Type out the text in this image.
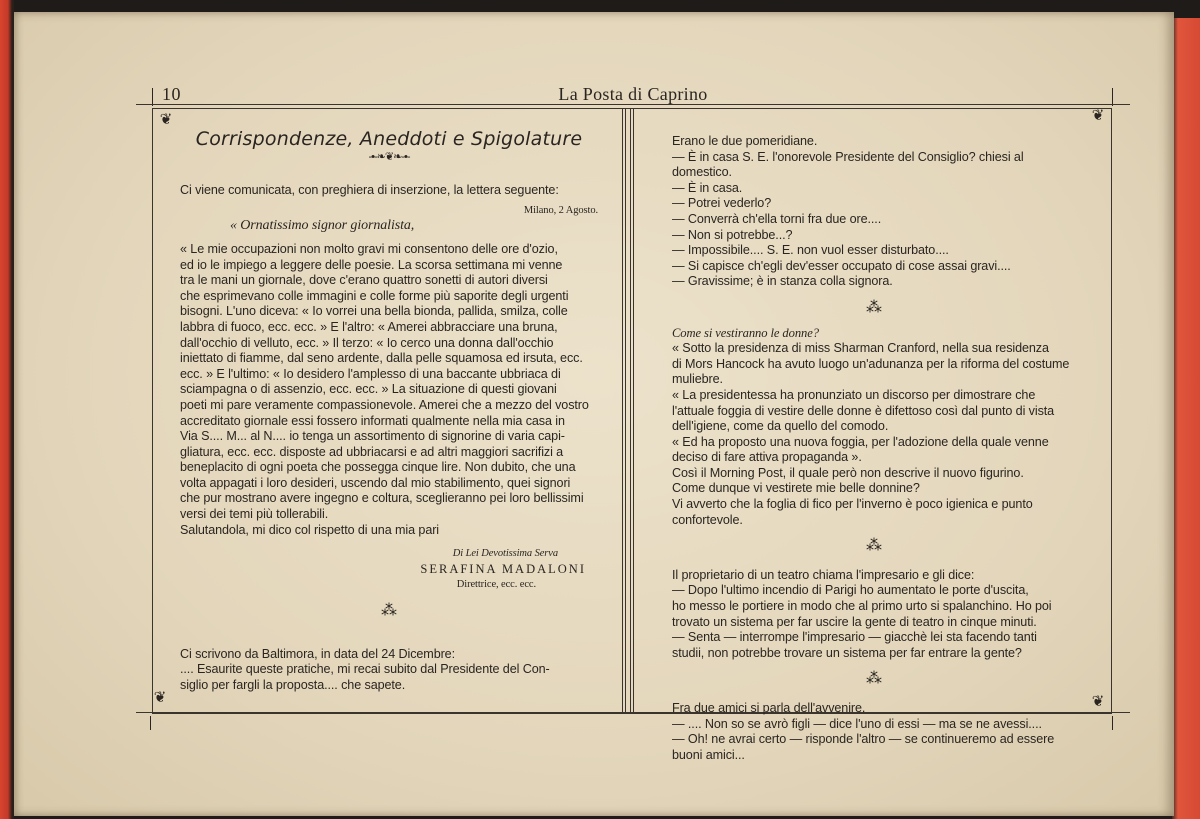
10	La Posta di Caprino
❦	❦
❦	❦

Corrispondenze, Aneddoti e Spigolature

-•-❧❦❧-•-

Ci viene comunicata, con preghiera di inserzione, la lettera seguente:

Milano, 2 Agosto.

« Ornatissimo signor giornalista,

« Le mie occupazioni non molto gravi mi consentono delle ore d'ozio,

ed io le impiego a leggere delle poesie. La scorsa settimana mi venne

tra le mani un giornale, dove c'erano quattro sonetti di autori diversi

che esprimevano colle immagini e colle forme più saporite degli urgenti

bisogni. L'uno diceva: « Io vorrei una bella bionda, pallida, smilza, colle

labbra di fuoco, ecc. ecc. » E l'altro: « Amerei abbracciare una bruna,

dall'occhio di velluto, ecc. » Il terzo: « Io cerco una donna dall'occhio

iniettato di fiamme, dal seno ardente, dalla pelle squamosa ed irsuta, ecc.

ecc. » E l'ultimo: « Io desidero l'amplesso di una baccante ubbriaca di

sciampagna o di assenzio, ecc. ecc. » La situazione di questi giovani

poeti mi pare veramente compassionevole. Amerei che a mezzo del vostro

accreditato giornale essi fossero informati qualmente nella mia casa in

Via S.... M... al N.... io tenga un assortimento di signorine di varia capi-

gliatura, ecc. ecc. disposte ad ubbriacarsi e ad altri maggiori sacrifizi a

beneplacito di ogni poeta che possegga cinque lire. Non dubito, che una

volta appagati i loro desideri, uscendo dal mio stabilimento, quei signori

che pur mostrano avere ingegno e coltura, sceglieranno pei loro bellissimi

versi dei temi più tollerabili.

Salutandola, mi dico col rispetto di una mia pari

Di Lei Devotissima Serva

SERAFINA MADALONI

Direttrice, ecc. ecc.

⁂

Ci scrivono da Baltimora, in data del 24 Dicembre:

.... Esaurite queste pratiche, mi recai subito dal Presidente del Con-

siglio per fargli la proposta.... che sapete.

Erano le due pomeridiane.

— È in casa S. E. l'onorevole Presidente del Consiglio? chiesi al

domestico.

— È in casa.

— Potrei vederlo?

— Converrà ch'ella torni fra due ore....

— Non si potrebbe...?

— Impossibile.... S. E. non vuol esser disturbato....

— Si capisce ch'egli dev'esser occupato di cose assai gravi....

— Gravissime; è in stanza colla signora.

⁂

Come si vestiranno le donne?

« Sotto la presidenza di miss Sharman Cranford, nella sua residenza

di Mors Hancock ha avuto luogo un'adunanza per la riforma del costume

muliebre.

« La presidentessa ha pronunziato un discorso per dimostrare che

l'attuale foggia di vestire delle donne è difettoso così dal punto di vista

dell'igiene, come da quello del comodo.

« Ed ha proposto una nuova foggia, per l'adozione della quale venne

deciso di fare attiva propaganda ».

Così il Morning Post, il quale però non descrive il nuovo figurino.

Come dunque vi vestirete mie belle donnine?

Vi avverto che la foglia di fico per l'inverno è poco igienica e punto

confortevole.

⁂

Il proprietario di un teatro chiama l'impresario e gli dice:

— Dopo l'ultimo incendio di Parigi ho aumentato le porte d'uscita,

ho messo le portiere in modo che al primo urto si spalanchino. Ho poi

trovato un sistema per far uscire la gente di teatro in cinque minuti.

— Senta — interrompe l'impresario — giacchè lei sta facendo tanti

studii, non potrebbe trovare un sistema per far entrare la gente?

⁂

Fra due amici si parla dell'avvenire.

— .... Non so se avrò figli — dice l'uno di essi — ma se ne avessi....

— Oh! ne avrai certo — risponde l'altro — se continueremo ad essere

buoni amici...
